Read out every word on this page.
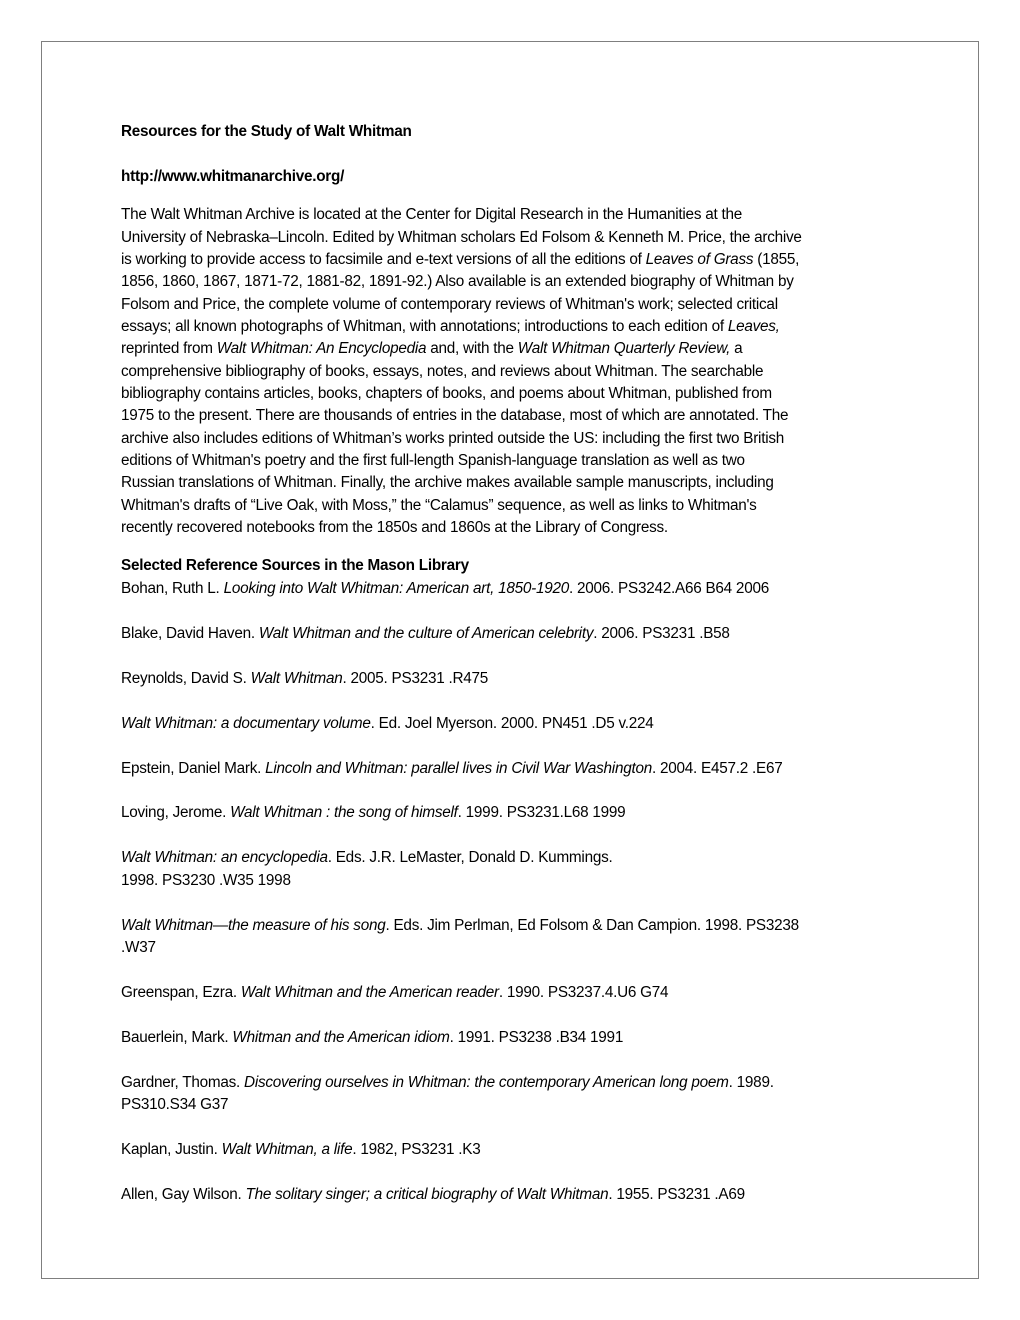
Resources for the Study of Walt Whitman
http://www.whitmanarchive.org/
The Walt Whitman Archive is located at the Center for Digital Research in the Humanities at the
University of Nebraska–Lincoln. Edited by Whitman scholars Ed Folsom & Kenneth M. Price, the archive
is working to provide access to facsimile and e-text versions of all the editions of Leaves of Grass (1855,
1856, 1860, 1867, 1871-72, 1881-82, 1891-92.) Also available is an extended biography of Whitman by
Folsom and Price, the complete volume of contemporary reviews of Whitman's work; selected critical
essays; all known photographs of Whitman, with annotations; introductions to each edition of Leaves,
reprinted from Walt Whitman: An Encyclopedia and, with the Walt Whitman Quarterly Review, a
comprehensive bibliography of books, essays, notes, and reviews about Whitman. The searchable
bibliography contains articles, books, chapters of books, and poems about Whitman, published from
1975 to the present. There are thousands of entries in the database, most of which are annotated. The
archive also includes editions of Whitman’s works printed outside the US: including the first two British
editions of Whitman's poetry and the first full-length Spanish-language translation as well as two
Russian translations of Whitman. Finally, the archive makes available sample manuscripts, including
Whitman's drafts of “Live Oak, with Moss,” the “Calamus” sequence, as well as links to Whitman's
recently recovered notebooks from the 1850s and 1860s at the Library of Congress.
Selected Reference Sources in the Mason Library
Bohan, Ruth L. Looking into Walt Whitman: American art, 1850-1920. 2006. PS3242.A66 B64 2006
Blake, David Haven. Walt Whitman and the culture of American celebrity. 2006. PS3231 .B58
Reynolds, David S. Walt Whitman. 2005. PS3231 .R475
Walt Whitman: a documentary volume. Ed. Joel Myerson. 2000. PN451 .D5 v.224
Epstein, Daniel Mark. Lincoln and Whitman: parallel lives in Civil War Washington. 2004. E457.2 .E67
Loving, Jerome. Walt Whitman : the song of himself. 1999. PS3231.L68 1999
Walt Whitman: an encyclopedia. Eds. J.R. LeMaster, Donald D. Kummings.
1998. PS3230 .W35 1998
Walt Whitman—the measure of his song. Eds. Jim Perlman, Ed Folsom & Dan Campion. 1998. PS3238
.W37
Greenspan, Ezra. Walt Whitman and the American reader. 1990. PS3237.4.U6 G74
Bauerlein, Mark. Whitman and the American idiom. 1991. PS3238 .B34 1991
Gardner, Thomas. Discovering ourselves in Whitman: the contemporary American long poem. 1989.
PS310.S34 G37
Kaplan, Justin. Walt Whitman, a life. 1982, PS3231 .K3
Allen, Gay Wilson. The solitary singer; a critical biography of Walt Whitman. 1955. PS3231 .A69
